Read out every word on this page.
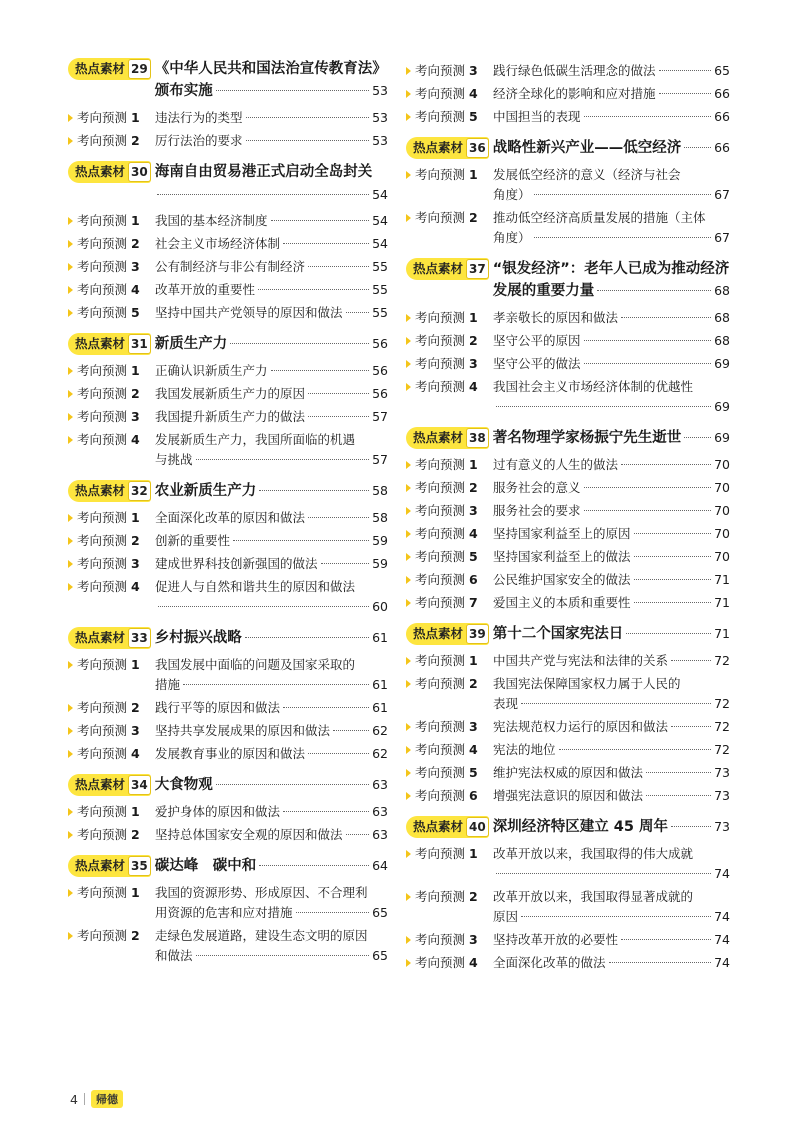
热点素材 29 《中华人民共和国法治宣传教育法》
颁布实施	53
考向预测 1	违法行为的类型	53
考向预测 2	厉行法治的要求	53
热点素材 30 海南自由贸易港正式启动全岛封关
54
考向预测 1	我国的基本经济制度	54
考向预测 2	社会主义市场经济体制	54
考向预测 3	公有制经济与非公有制经济	55
考向预测 4	改革开放的重要性	55
考向预测 5	坚持中国共产党领导的原因和做法 55
热点素材 31 新质生产力	56
考向预测 1	正确认识新质生产力	56
考向预测 2	我国发展新质生产力的原因	56
考向预测 3	我国提升新质生产力的做法	57
考向预测 4	发展新质生产力，我国所面临的机遇
与挑战	57
热点素材 32 农业新质生产力	58
考向预测 1	全面深化改革的原因和做法	58
考向预测 2	创新的重要性	59
考向预测 3	建成世界科技创新强国的做法	59
考向预测 4	促进人与自然和谐共生的原因和做法
60
热点素材 33 乡村振兴战略	61
考向预测 1	我国发展中面临的问题及国家采取的
措施	61
考向预测 2	践行平等的原因和做法	61
考向预测 3	坚持共享发展成果的原因和做法	62
考向预测 4	发展教育事业的原因和做法	62
热点素材 34 大食物观	63
考向预测 1	爱护身体的原因和做法	63
考向预测 2	坚持总体国家安全观的原因和做法 63
热点素材 35 碳达峰　碳中和	64
考向预测 1	我国的资源形势、形成原因、不合理利
用资源的危害和应对措施	65
考向预测 2	走绿色发展道路，建设生态文明的原因
和做法	65
考向预测 3	践行绿色低碳生活理念的做法	65
考向预测 4	经济全球化的影响和应对措施	66
考向预测 5	中国担当的表现	66
热点素材 36 战略性新兴产业——低空经济	66
考向预测 1	发展低空经济的意义（经济与社会
角度）	67
考向预测 2	推动低空经济高质量发展的措施（主体
角度）	67
热点素材 37 “银发经济”：老年人已成为推动经济
发展的重要力量	68
考向预测 1	孝亲敬长的原因和做法	68
考向预测 2	坚守公平的原因	68
考向预测 3	坚守公平的做法	69
考向预测 4	我国社会主义市场经济体制的优越性
69
热点素材 38 著名物理学家杨振宁先生逝世	69
考向预测 1	过有意义的人生的做法	70
考向预测 2	服务社会的意义	70
考向预测 3	服务社会的要求	70
考向预测 4	坚持国家利益至上的原因	70
考向预测 5	坚持国家利益至上的做法	70
考向预测 6	公民维护国家安全的做法	71
考向预测 7	爱国主义的本质和重要性	71
热点素材 39 第十二个国家宪法日	71
考向预测 1	中国共产党与宪法和法律的关系	72
考向预测 2	我国宪法保障国家权力属于人民的
表现	72
考向预测 3	宪法规范权力运行的原因和做法	72
考向预测 4	宪法的地位	72
考向预测 5	维护宪法权威的原因和做法	73
考向预测 6	增强宪法意识的原因和做法	73
热点素材 40 深圳经济特区建立 45 周年	73
考向预测 1	改革开放以来，我国取得的伟大成就
74
考向预测 2	改革开放以来，我国取得显著成就的
原因	74
考向预测 3	坚持改革开放的必要性	74
考向预测 4	全面深化改革的做法	74
4	帰德
